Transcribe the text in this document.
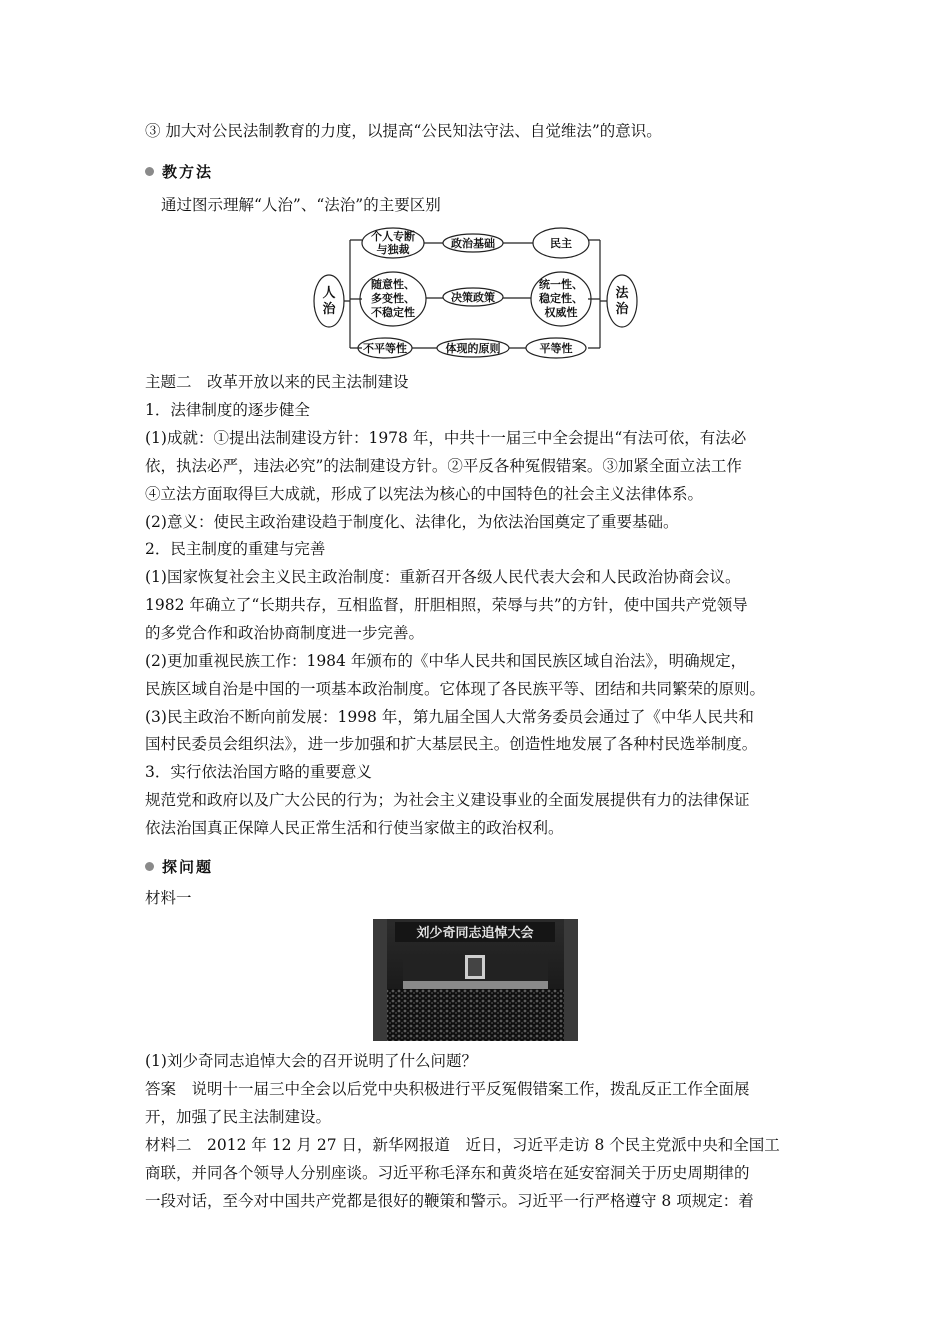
③ 加大对公民法制教育的力度，以提高“公民知法守法、自觉维法”的意识。
教方法
通过图示理解“人治”、“法治”的主要区别
人
治
法
治
个人专断
与独裁	政治基础	民主
随意性、
多变性、
不稳定性
决策政策
统一性、
稳定性、
权威性
不平等性	体现的原则	平等性
主题二　改革开放以来的民主法制建设
1．法律制度的逐步健全
(1)成就：①提出法制建设方针：1978 年，中共十一届三中全会提出“有法可依，有法必
依，执法必严，违法必究”的法制建设方针。②平反各种冤假错案。③加紧全面立法工作
④立法方面取得巨大成就，形成了以宪法为核心的中国特色的社会主义法律体系。
(2)意义：使民主政治建设趋于制度化、法律化，为依法治国奠定了重要基础。
2．民主制度的重建与完善
(1)国家恢复社会主义民主政治制度：重新召开各级人民代表大会和人民政治协商会议。
1982 年确立了“长期共存，互相监督，肝胆相照，荣辱与共”的方针，使中国共产党领导
的多党合作和政治协商制度进一步完善。
(2)更加重视民族工作：1984 年颁布的《中华人民共和国民族区域自治法》，明确规定，
民族区域自治是中国的一项基本政治制度。它体现了各民族平等、团结和共同繁荣的原则。
(3)民主政治不断向前发展：1998 年，第九届全国人大常务委员会通过了《中华人民共和
国村民委员会组织法》，进一步加强和扩大基层民主。创造性地发展了各种村民选举制度。
3．实行依法治国方略的重要意义
规范党和政府以及广大公民的行为；为社会主义建设事业的全面发展提供有力的法律保证
依法治国真正保障人民正常生活和行使当家做主的政治权利。
探问题
材料一
刘少奇同志追悼大会
(1)刘少奇同志追悼大会的召开说明了什么问题？
答案　说明十一届三中全会以后党中央积极进行平反冤假错案工作，拨乱反正工作全面展
开，加强了民主法制建设。
材料二　2012 年 12 月 27 日，新华网报道　近日，习近平走访 8 个民主党派中央和全国工
商联，并同各个领导人分别座谈。习近平称毛泽东和黄炎培在延安窑洞关于历史周期律的
一段对话，至今对中国共产党都是很好的鞭策和警示。习近平一行严格遵守 8 项规定：着
